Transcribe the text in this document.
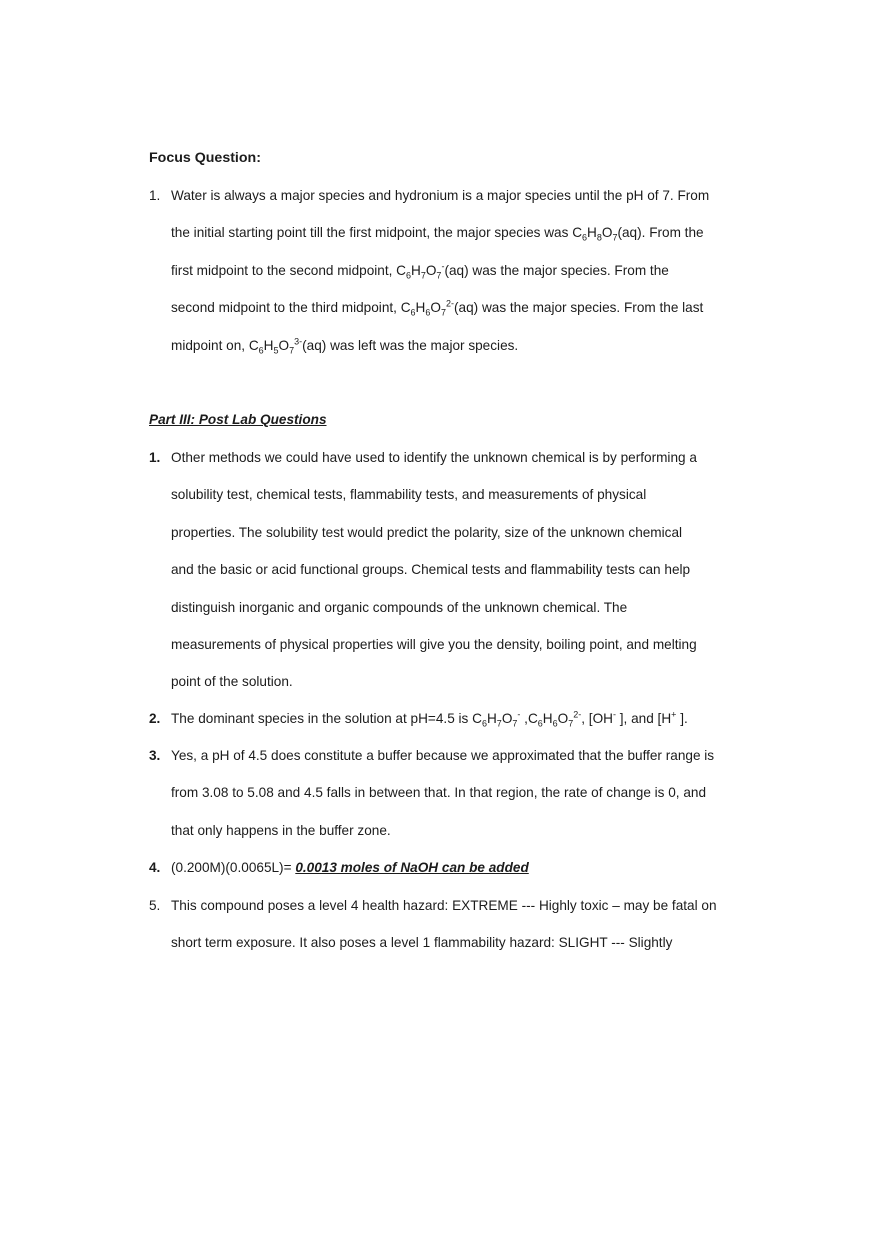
Focus Question:
1. Water is always a major species and hydronium is a major species until the pH of 7. From
the initial starting point till the first midpoint, the major species was $C_6H_8O_7(aq)$. From the
first midpoint to the second midpoint, $C_6H_7O_7^-(aq)$ was the major species. From the
second midpoint to the third midpoint, $C_6H_6O_7^{2-}(aq)$ was the major species. From the last
midpoint on, $C_6H_5O_7^{3-}(aq)$ was left was the major species.
Part III: Post Lab Questions
1. Other methods we could have used to identify the unknown chemical is by performing a
solubility test, chemical tests, flammability tests, and measurements of physical
properties. The solubility test would predict the polarity, size of the unknown chemical
and the basic or acid functional groups. Chemical tests and flammability tests can help
distinguish inorganic and organic compounds of the unknown chemical. The
measurements of physical properties will give you the density, boiling point, and melting
point of the solution.
2. The dominant species in the solution at pH=4.5 is $C_6H_7O_7^-$ $,C_6H_6O_7^{2-}$, [OH- ], and [H+ ].
3. Yes, a pH of 4.5 does constitute a buffer because we approximated that the buffer range is
from 3.08 to 5.08 and 4.5 falls in between that. In that region, the rate of change is 0, and
that only happens in the buffer zone.
4. (0.200M)(0.0065L)= 0.0013 moles of NaOH can be added
5. This compound poses a level 4 health hazard: EXTREME --- Highly toxic – may be fatal on
short term exposure. It also poses a level 1 flammability hazard: SLIGHT --- Slightly
